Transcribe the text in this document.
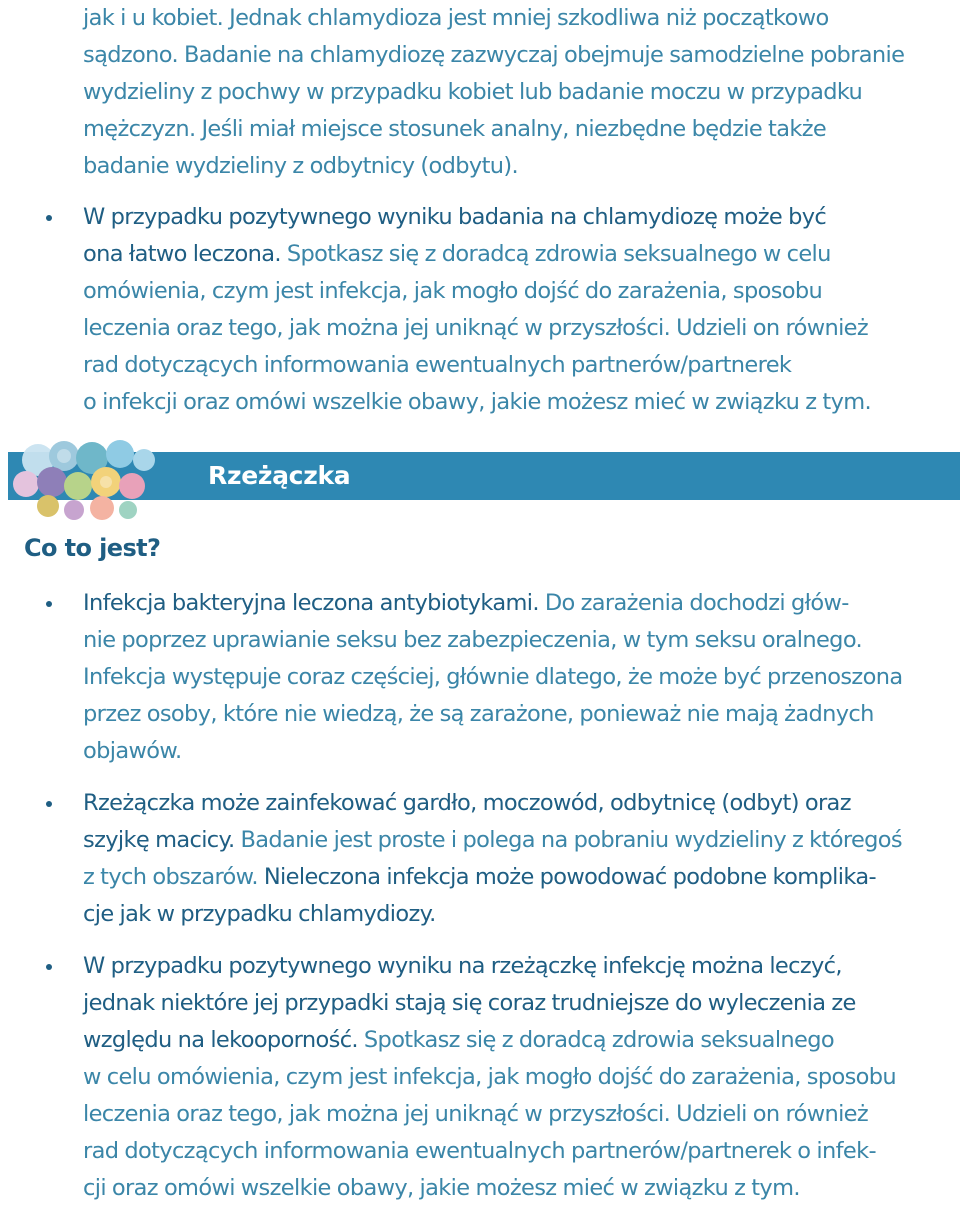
jak i u kobiet. Jednak chlamydioza jest mniej szkodliwa niż początkowo
sądzono. Badanie na chlamydiozę zazwyczaj obejmuje samodzielne pobranie
wydzieliny z pochwy w przypadku kobiet lub badanie moczu w przypadku
mężczyzn. Jeśli miał miejsce stosunek analny, niezbędne będzie także
badanie wydzieliny z odbytnicy (odbytu).
W przypadku pozytywnego wyniku badania na chlamydiozę może być
ona łatwo leczona. Spotkasz się z doradcą zdrowia seksualnego w celu
omówienia, czym jest infekcja, jak mogło dojść do zarażenia, sposobu
leczenia oraz tego, jak można jej uniknąć w przyszłości. Udzieli on również
rad dotyczących informowania ewentualnych partnerów/partnerek
o infekcji oraz omówi wszelkie obawy, jakie możesz mieć w związku z tym.
Rzeżączka
Co to jest?
Infekcja bakteryjna leczona antybiotykami. Do zarażenia dochodzi głów-
nie poprzez uprawianie seksu bez zabezpieczenia, w tym seksu oralnego.
Infekcja występuje coraz częściej, głównie dlatego, że może być przenoszona
przez osoby, które nie wiedzą, że są zarażone, ponieważ nie mają żadnych
objawów.
Rzeżączka może zainfekować gardło, moczowód, odbytnicę (odbyt) oraz
szyjkę macicy. Badanie jest proste i polega na pobraniu wydzieliny z któregoś
z tych obszarów. Nieleczona infekcja może powodować podobne komplika-
cje jak w przypadku chlamydiozy.
W przypadku pozytywnego wyniku na rzeżączkę infekcję można leczyć,
jednak niektóre jej przypadki stają się coraz trudniejsze do wyleczenia ze
względu na lekooporność. Spotkasz się z doradcą zdrowia seksualnego
w celu omówienia, czym jest infekcja, jak mogło dojść do zarażenia, sposobu
leczenia oraz tego, jak można jej uniknąć w przyszłości. Udzieli on również
rad dotyczących informowania ewentualnych partnerów/partnerek o infek-
cji oraz omówi wszelkie obawy, jakie możesz mieć w związku z tym.
